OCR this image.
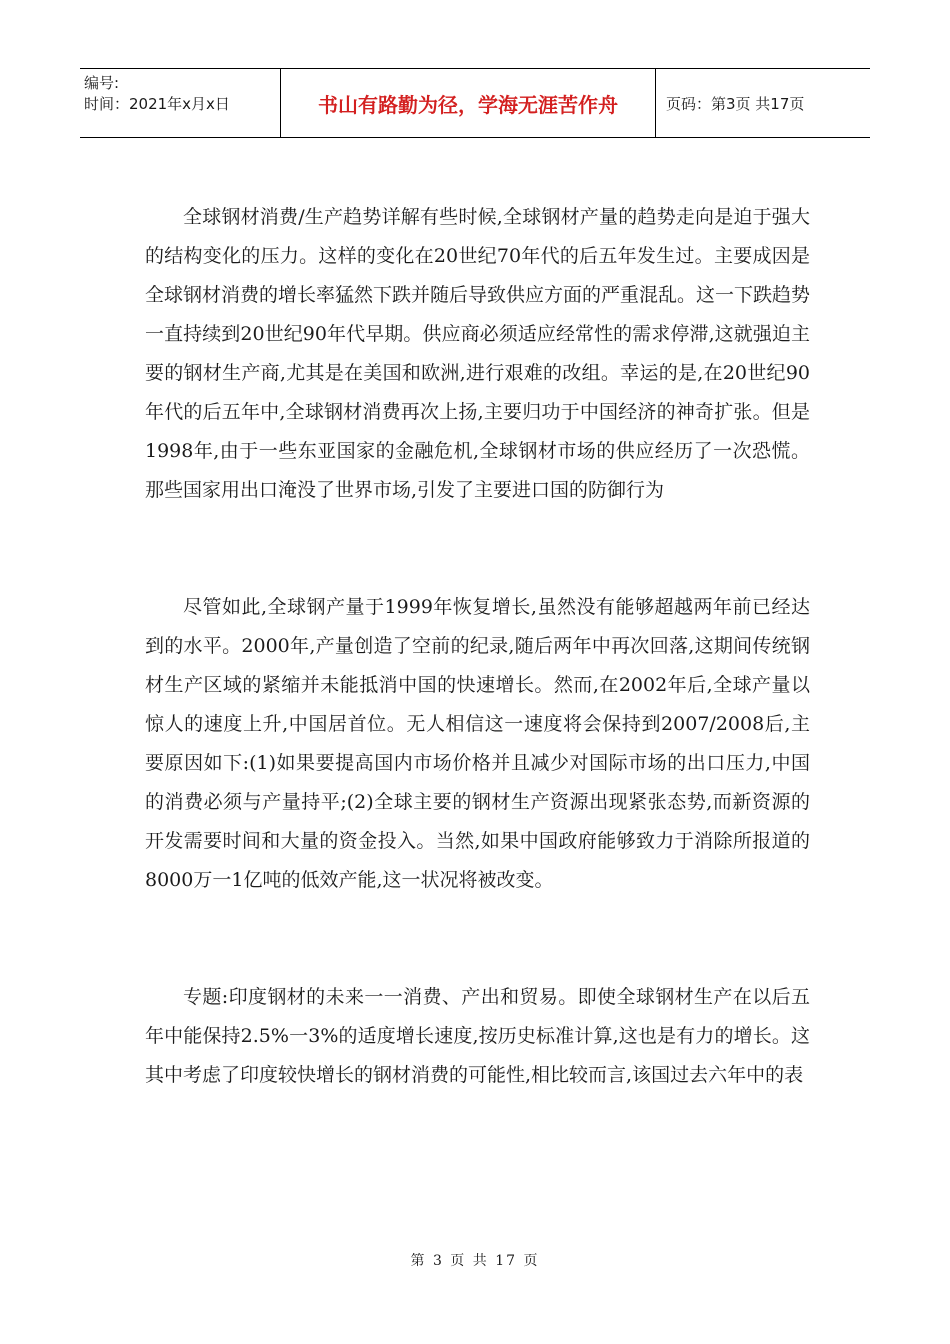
编号:
时间：2021年x月x日	书山有路勤为径，学海无涯苦作舟	页码：第3页 共17页

全球钢材消费/生产趋势详解有些时候,全球钢材产量的趋势走向是迫于强大的结构变化的压力。这样的变化在20世纪70年代的后五年发生过。主要成因是全球钢材消费的增长率猛然下跌并随后导致供应方面的严重混乱。这一下跌趋势一直持续到20世纪90年代早期。供应商必须适应经常性的需求停滞,这就强迫主要的钢材生产商,尤其是在美国和欧洲,进行艰难的改组。幸运的是,在20世纪90年代的后五年中,全球钢材消费再次上扬,主要归功于中国经济的神奇扩张。但是1998年,由于一些东亚国家的金融危机,全球钢材市场的供应经历了一次恐慌。那些国家用出口淹没了世界市场,引发了主要进口国的防御行为

尽管如此,全球钢产量于1999年恢复增长,虽然没有能够超越两年前已经达到的水平。2000年,产量创造了空前的纪录,随后两年中再次回落,这期间传统钢材生产区域的紧缩并未能抵消中国的快速增长。然而,在2002年后,全球产量以惊人的速度上升,中国居首位。无人相信这一速度将会保持到2007/2008后,主要原因如下:(1)如果要提高国内市场价格并且减少对国际市场的出口压力,中国的消费必须与产量持平;(2)全球主要的钢材生产资源出现紧张态势,而新资源的开发需要时间和大量的资金投入。当然,如果中国政府能够致力于消除所报道的8000万一1亿吨的低效产能,这一状况将被改变。

专题:印度钢材的未来一一消费、产出和贸易。即使全球钢材生产在以后五年中能保持2.5%一3%的适度增长速度,按历史标准计算,这也是有力的增长。这其中考虑了印度较快增长的钢材消费的可能性,相比较而言,该国过去六年中的表

第 3 页 共 17 页
